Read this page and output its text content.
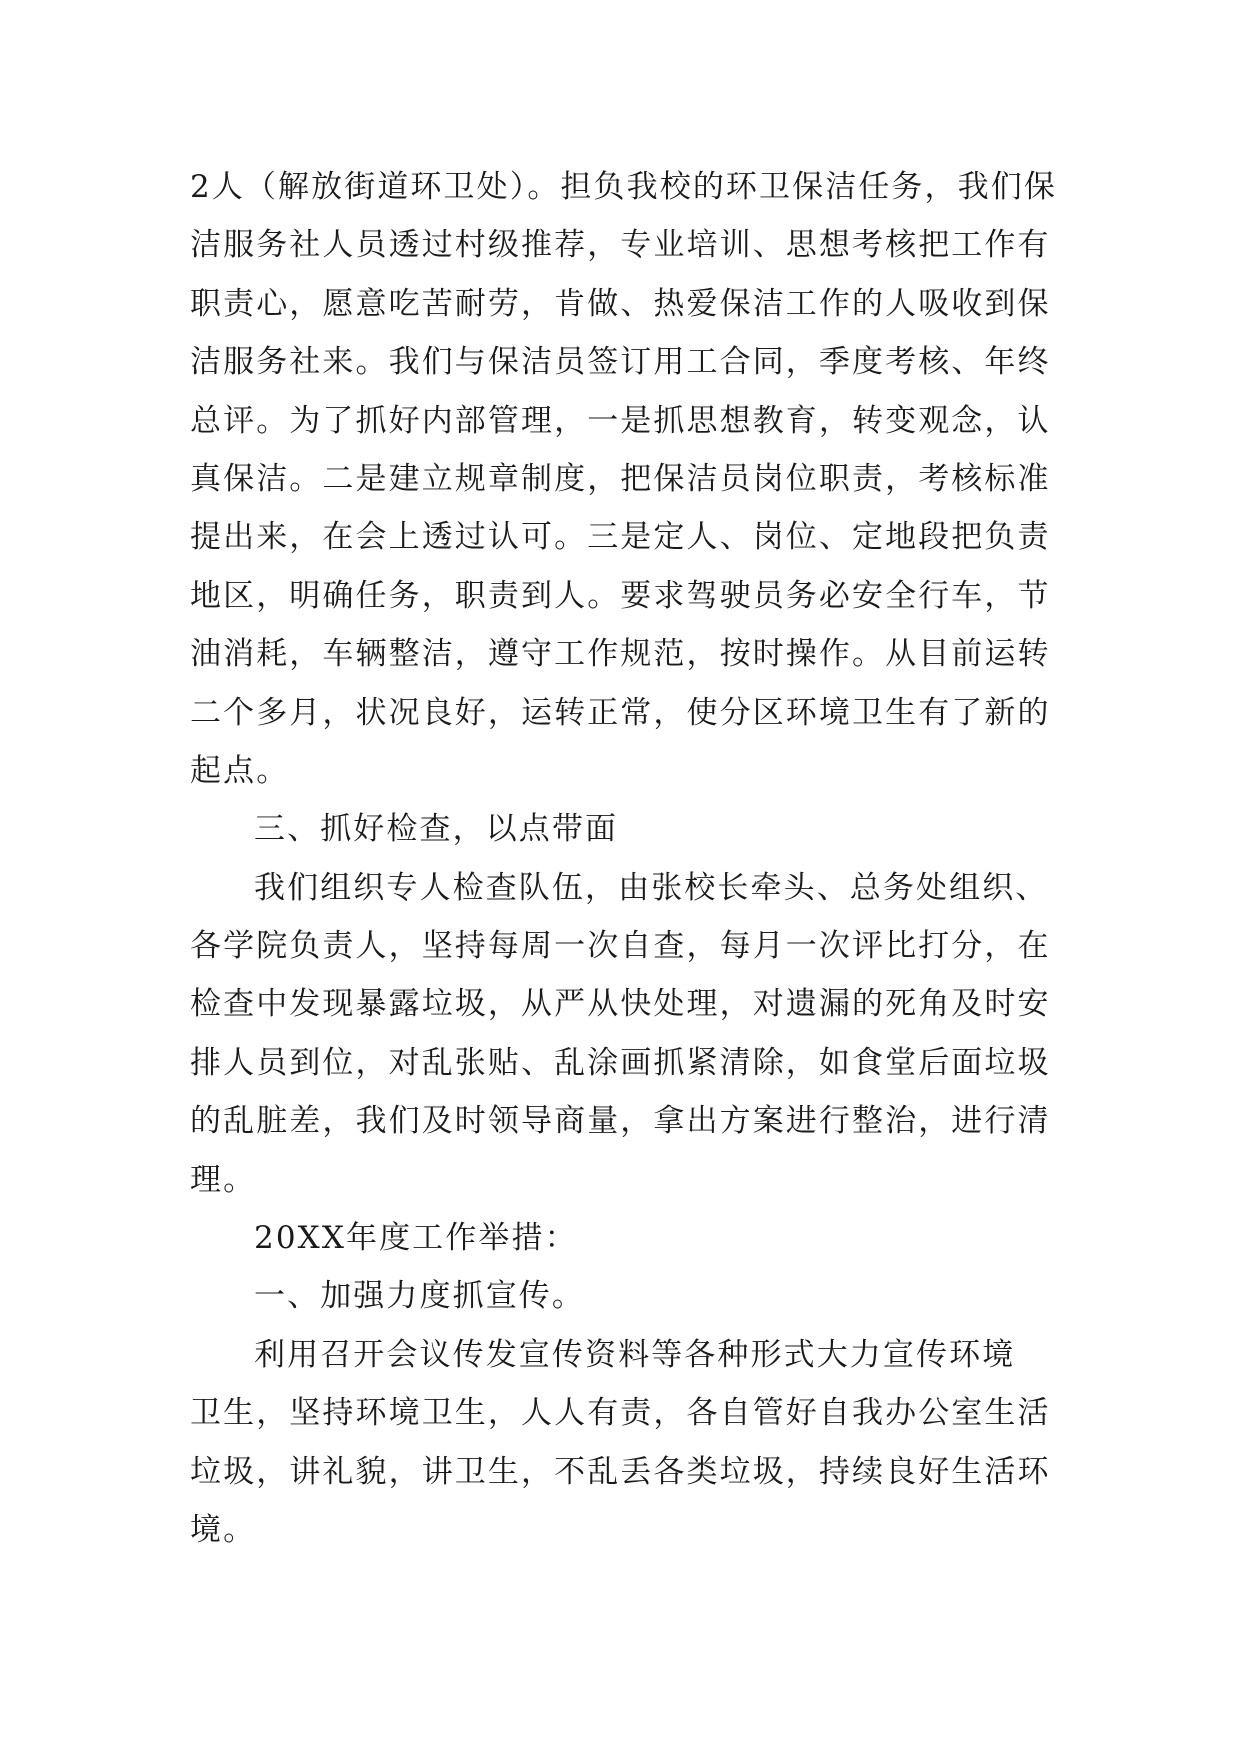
2人（解放街道环卫处）。担负我校的环卫保洁任务，我们保
洁服务社人员透过村级推荐，专业培训、思想考核把工作有
职责心，愿意吃苦耐劳，肯做、热爱保洁工作的人吸收到保
洁服务社来。我们与保洁员签订用工合同，季度考核、年终
总评。为了抓好内部管理，一是抓思想教育，转变观念，认
真保洁。二是建立规章制度，把保洁员岗位职责，考核标准
提出来，在会上透过认可。三是定人、岗位、定地段把负责
地区，明确任务，职责到人。要求驾驶员务必安全行车，节
油消耗，车辆整洁，遵守工作规范，按时操作。从目前运转
二个多月，状况良好，运转正常，使分区环境卫生有了新的
起点。
三、抓好检查，以点带面
我们组织专人检查队伍，由张校长牵头、总务处组织、
各学院负责人，坚持每周一次自查，每月一次评比打分，在
检查中发现暴露垃圾，从严从快处理，对遗漏的死角及时安
排人员到位，对乱张贴、乱涂画抓紧清除，如食堂后面垃圾
的乱脏差，我们及时领导商量，拿出方案进行整治，进行清
理。
20XX年度工作举措：
一、加强力度抓宣传。
利用召开会议传发宣传资料等各种形式大力宣传环境
卫生，坚持环境卫生，人人有责，各自管好自我办公室生活
垃圾，讲礼貌，讲卫生，不乱丢各类垃圾，持续良好生活环
境。
